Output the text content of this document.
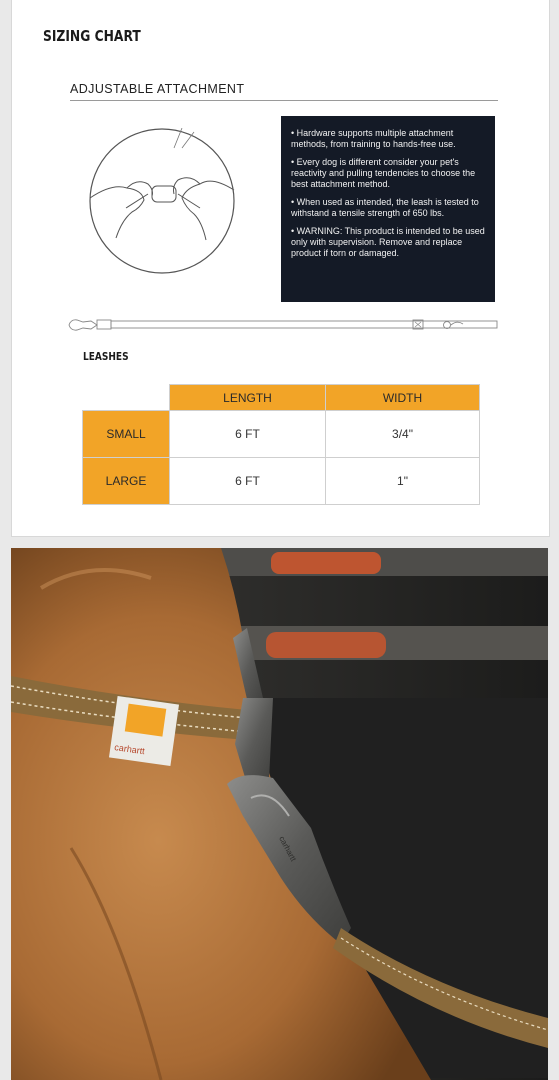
SIZING CHART
ADJUSTABLE ATTACHMENT

• Hardware supports multiple attachment methods, from training to hands-free use.

• Every dog is different consider your pet's reactivity and pulling tendencies to choose the best attachment method.

• When used as intended, the leash is tested to withstand a tensile strength of 650 lbs.

• WARNING: This product is intended to be used only with supervision. Remove and replace product if torn or damaged.

LEASHES
	LENGTH	WIDTH
SMALL	6 FT	3/4"
LARGE	6 FT	1"
carhartt
carhartt
